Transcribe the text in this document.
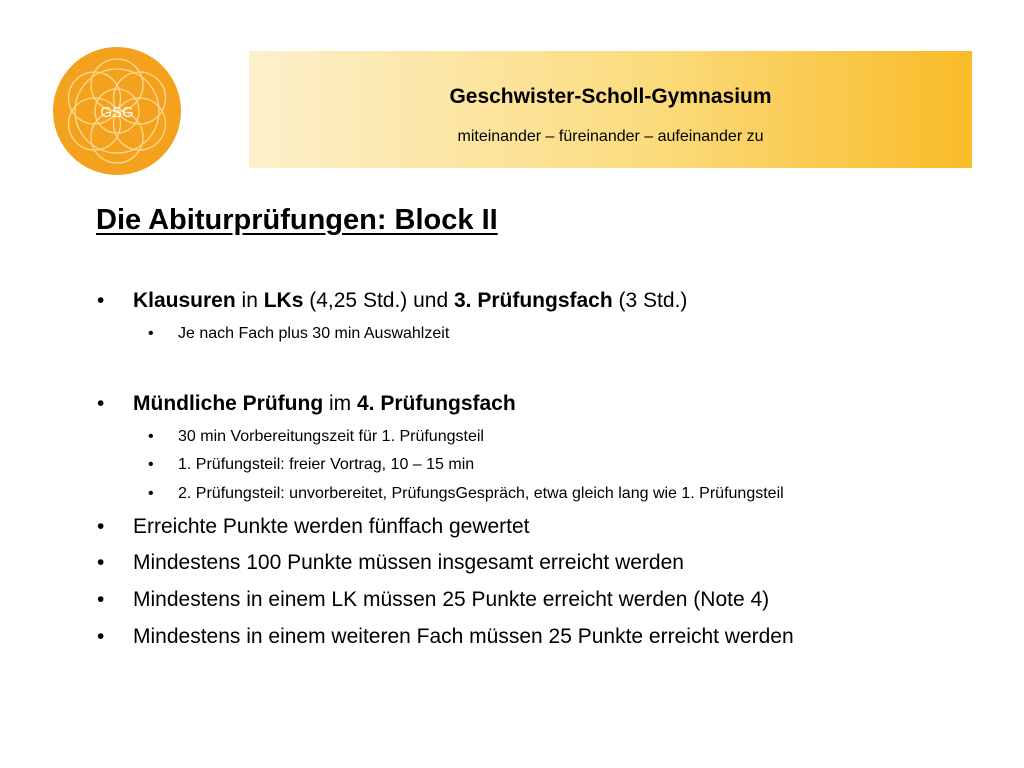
GSG
Geschwister-Scholl-Gymnasium
miteinander – füreinander – aufeinander zu
Die Abiturprüfungen: Block II
• Klausuren in LKs (4,25 Std.) und 3. Prüfungsfach (3 Std.)
• Je nach Fach plus 30 min Auswahlzeit
• Mündliche Prüfung im 4. Prüfungsfach
• 30 min Vorbereitungszeit für 1. Prüfungsteil
• 1. Prüfungsteil: freier Vortrag, 10 – 15 min
• 2. Prüfungsteil: unvorbereitet, PrüfungsGespräch, etwa gleich lang wie 1. Prüfungsteil
• Erreichte Punkte werden fünffach gewertet
• Mindestens 100 Punkte müssen insgesamt erreicht werden
• Mindestens in einem LK müssen 25 Punkte erreicht werden (Note 4)
• Mindestens in einem weiteren Fach müssen 25 Punkte erreicht werden
